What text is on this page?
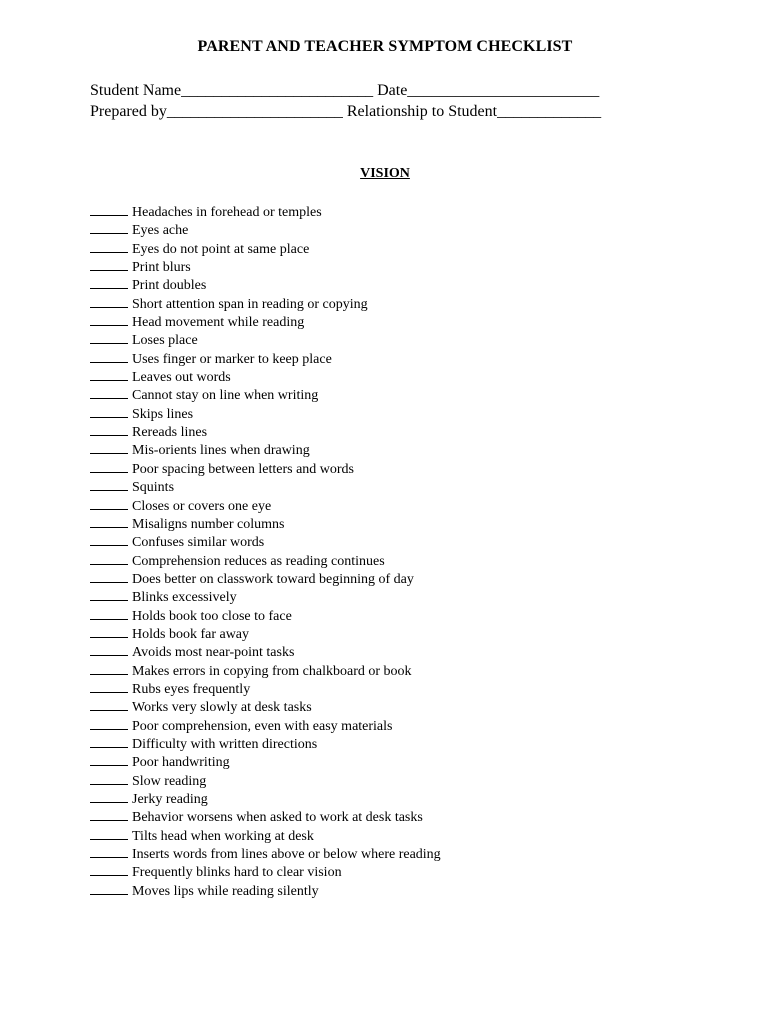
PARENT AND TEACHER SYMPTOM CHECKLIST
Student Name________________________ Date________________________
Prepared by______________________ Relationship to Student_____________
VISION
Headaches in forehead or temples
Eyes ache
Eyes do not point at same place
Print blurs
Print doubles
Short attention span in reading or copying
Head movement while reading
Loses place
Uses finger or marker to keep place
Leaves out words
Cannot stay on line when writing
Skips lines
Rereads lines
Mis-orients lines when drawing
Poor spacing between letters and words
Squints
Closes or covers one eye
Misaligns number columns
Confuses similar words
Comprehension reduces as reading continues
Does better on classwork toward beginning of day
Blinks excessively
Holds book too close to face
Holds book far away
Avoids most near-point tasks
Makes errors in copying from chalkboard or book
Rubs eyes frequently
Works very slowly at desk tasks
Poor comprehension, even with easy materials
Difficulty with written directions
Poor handwriting
Slow reading
Jerky reading
Behavior worsens when asked to work at desk tasks
Tilts head when working at desk
Inserts words from lines above or below where reading
Frequently blinks hard to clear vision
Moves lips while reading silently
